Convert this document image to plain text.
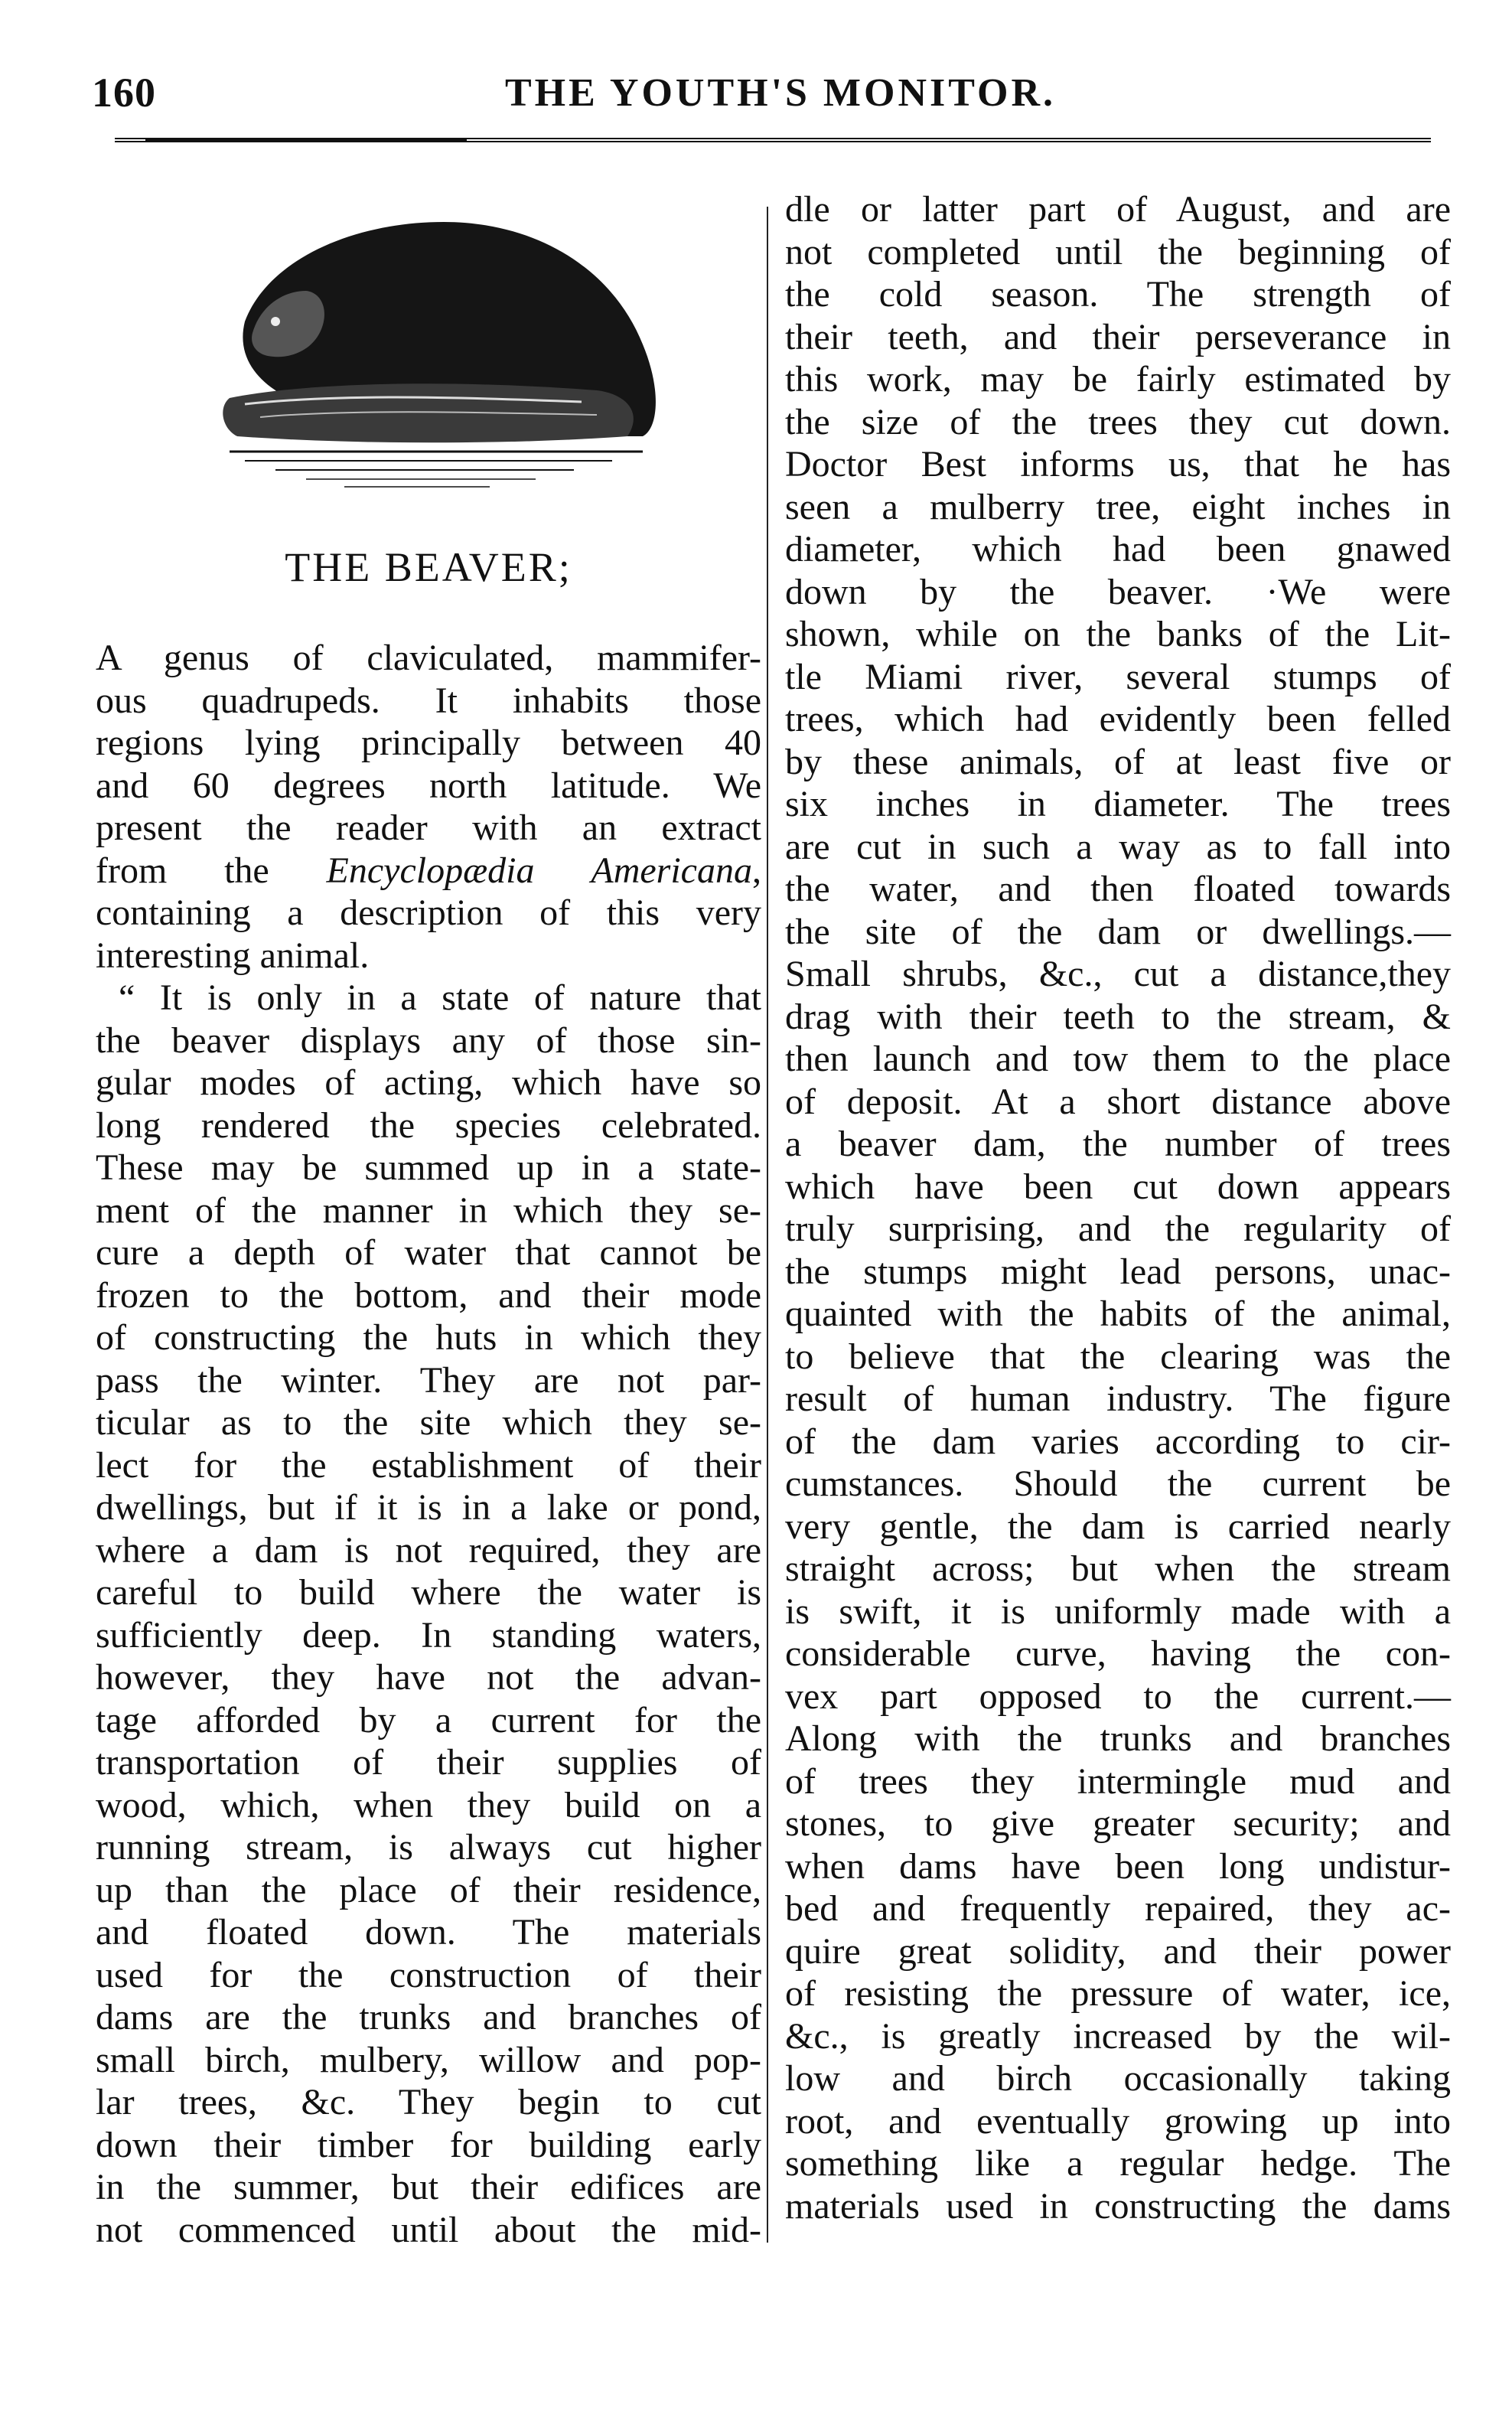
160	THE YOUTH'S MONITOR.
THE BEAVER;
A genus of claviculated, mammifer-
ous quadrupeds. It inhabits those
regions lying principally between 40
and 60 degrees north latitude. We
present the reader with an extract
from the Encyclopædia Americana,
containing a description of this very
interesting animal.
“ It is only in a state of nature that
the beaver displays any of those sin-
gular modes of acting, which have so
long rendered the species celebrated.
These may be summed up in a state-
ment of the manner in which they se-
cure a depth of water that cannot be
frozen to the bottom, and their mode
of constructing the huts in which they
pass the winter. They are not par-
ticular as to the site which they se-
lect for the establishment of their
dwellings, but if it is in a lake or pond,
where a dam is not required, they are
careful to build where the water is
sufficiently deep. In standing waters,
however, they have not the advan-
tage afforded by a current for the
transportation of their supplies of
wood, which, when they build on a
running stream, is always cut higher
up than the place of their residence,
and floated down. The materials
used for the construction of their
dams are the trunks and branches of
small birch, mulbery, willow and pop-
lar trees, &c. They begin to cut
down their timber for building early
in the summer, but their edifices are
not commenced until about the mid-
dle or latter part of August, and are
not completed until the beginning of
the cold season. The strength of
their teeth, and their perseverance in
this work, may be fairly estimated by
the size of the trees they cut down.
Doctor Best informs us, that he has
seen a mulberry tree, eight inches in
diameter, which had been gnawed
down by the beaver. ·We were
shown, while on the banks of the Lit-
tle Miami river, several stumps of
trees, which had evidently been felled
by these animals, of at least five or
six inches in diameter. The trees
are cut in such a way as to fall into
the water, and then floated towards
the site of the dam or dwellings.—
Small shrubs, &c., cut a distance,they
drag with their teeth to the stream, &
then launch and tow them to the place
of deposit. At a short distance above
a beaver dam, the number of trees
which have been cut down appears
truly surprising, and the regularity of
the stumps might lead persons, unac-
quainted with the habits of the animal,
to believe that the clearing was the
result of human industry. The figure
of the dam varies according to cir-
cumstances. Should the current be
very gentle, the dam is carried nearly
straight across; but when the stream
is swift, it is uniformly made with a
considerable curve, having the con-
vex part opposed to the current.—
Along with the trunks and branches
of trees they intermingle mud and
stones, to give greater security; and
when dams have been long undistur-
bed and frequently repaired, they ac-
quire great solidity, and their power
of resisting the pressure of water, ice,
&c., is greatly increased by the wil-
low and birch occasionally taking
root, and eventually growing up into
something like a regular hedge. The
materials used in constructing the dams
